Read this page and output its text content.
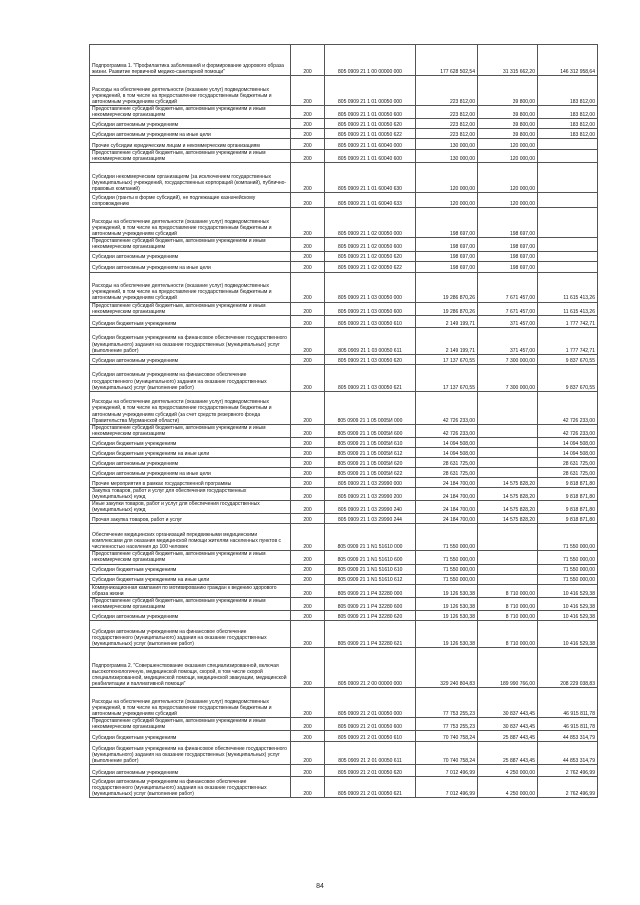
Подпрограмма 1. "Профилактика заболеваний и формирование здорового образа жизни. Развитие первичной медико-санитарной помощи"	200	805 0909 21 1 00 00000 000	177 628 502,54	31 315 662,20	146 312 958,64
Расходы на обеспечение деятельности (оказание услуг) подведомственных учреждений, в том числе на предоставление государственным бюджетным и автономным учреждениям субсидий	200	805 0909 21 1 01 00050 000	223 812,00	39 800,00	183 812,00
Предоставление субсидий бюджетным, автономным учреждениям и иным некоммерческим организациям	200	805 0909 21 1 01 00050 600	223 812,00	39 800,00	183 812,00
Субсидии автономным учреждениям	200	805 0909 21 1 01 00050 620	223 812,00	39 800,00	183 812,00
Субсидии автономным учреждениям на иные цели	200	805 0909 21 1 01 00050 622	223 812,00	39 800,00	183 812,00
Прочие субсидии юридическим лицам и некоммерческим организациям	200	805 0909 21 1 01 60040 000	130 000,00	120 000,00	
Предоставление субсидий бюджетным, автономным учреждениям и иным некоммерческим организациям	200	805 0909 21 1 01 60040 600	130 000,00	120 000,00	
Субсидии некоммерческим организациям (за исключением государственных (муниципальных) учреждений, государственных корпораций (компаний), публично-правовых компаний)	200	805 0909 21 1 01 60040 630	120 000,00	120 000,00	
Субсидии (гранты в форме субсидий), не подлежащие казначейскому сопровождению	200	805 0909 21 1 01 60040 633	120 000,00	120 000,00	
Расходы на обеспечение деятельности (оказание услуг) подведомственных учреждений, в том числе на предоставление государственным бюджетным и автономным учреждениям субсидий	200	805 0909 21 1 02 00050 000	198 697,00	198 697,00	
Предоставление субсидий бюджетным, автономным учреждениям и иным некоммерческим организациям	200	805 0909 21 1 02 00050 600	198 697,00	198 697,00	
Субсидии автономным учреждениям	200	805 0909 21 1 02 00050 620	198 697,00	198 697,00	
Субсидии автономным учреждениям на иные цели	200	805 0909 21 1 02 00050 622	198 697,00	198 697,00	
Расходы на обеспечение деятельности (оказание услуг) подведомственных учреждений, в том числе на предоставление государственным бюджетным и автономным учреждениям субсидий	200	805 0909 21 1 03 00050 000	19 286 870,26	7 671 457,00	11 615 413,26
Предоставление субсидий бюджетным, автономным учреждениям и иным некоммерческим организациям	200	805 0909 21 1 03 00050 600	19 286 870,26	7 671 457,00	11 615 413,26
Субсидии бюджетным учреждениям	200	805 0909 21 1 03 00050 610	2 149 199,71	371 457,00	1 777 742,71
Субсидии бюджетным учреждениям на финансовое обеспечение государственного (муниципального) задания на оказание государственных (муниципальных) услуг (выполнение работ)	200	805 0909 21 1 03 00050 611	2 149 199,71	371 457,00	1 777 742,71
Субсидии автономным учреждениям	200	805 0909 21 1 03 00050 620	17 137 670,55	7 300 000,00	9 837 670,55
Субсидии автономным учреждениям на финансовое обеспечение государственного (муниципального) задания на оказание государственных (муниципальных) услуг (выполнение работ)	200	805 0909 21 1 03 00050 621	17 137 670,55	7 300 000,00	9 837 670,55
Расходы на обеспечение деятельности (оказание услуг) подведомственных учреждений, в том числе на предоставление государственным бюджетным и автономным учреждениям субсидий (за счет средств резервного фонда Правительства Мурманской области)	200	805 0909 21 1 05 0005И 000	42 726 233,00		42 726 233,00
Предоставление субсидий бюджетным, автономным учреждениям и иным некоммерческим организациям	200	805 0909 21 1 05 0005И 600	42 726 233,00		42 726 233,00
Субсидии бюджетным учреждениям	200	805 0909 21 1 05 0005И 610	14 094 508,00		14 094 508,00
Субсидии бюджетным учреждениям на иные цели	200	805 0909 21 1 05 0005И 612	14 094 508,00		14 094 508,00
Субсидии автономным учреждениям	200	805 0909 21 1 05 0005И 620	28 631 725,00		28 631 725,00
Субсидии автономным учреждениям на иные цели	200	805 0909 21 1 05 0005И 622	28 631 725,00		28 631 725,00
Прочие мероприятия в рамках государственной программы	200	805 0909 21 1 03 29990 000	24 184 700,00	14 575 828,20	9 818 871,80
Закупка товаров, работ и услуг для обеспечения государственных (муниципальных) нужд	200	805 0909 21 1 03 29990 200	24 184 700,00	14 575 828,20	9 818 871,80
Иные закупки товаров, работ и услуг для обеспечения государственных (муниципальных) нужд	200	805 0909 21 1 03 29990 240	24 184 700,00	14 575 828,20	9 818 871,80
Прочая закупка товаров, работ и услуг	200	805 0909 21 1 03 29990 244	24 184 700,00	14 575 828,20	9 818 871,80
Обеспечение медицинских организаций передвижными медицинскими комплексами для оказания медицинской помощи жителям населенных пунктов с численностью населения до 100 человек	200	805 0909 21 1 N1 51610 000	71 550 000,00		71 550 000,00
Предоставление субсидий бюджетным, автономным учреждениям и иным некоммерческим организациям	200	805 0909 21 1 N1 51610 600	71 550 000,00		71 550 000,00
Субсидии бюджетным учреждениям	200	805 0909 21 1 N1 51610 610	71 550 000,00		71 550 000,00
Субсидии бюджетным учреждениям на иные цели	200	805 0909 21 1 N1 51610 612	71 550 000,00		71 550 000,00
Коммуникационная кампания по мотивированию граждан к ведению здорового образа жизни	200	805 0909 21 1 P4 32280 000	19 126 530,38	8 710 000,00	10 416 529,38
Предоставление субсидий бюджетным, автономным учреждениям и иным некоммерческим организациям	200	805 0909 21 1 P4 32280 600	19 126 530,38	8 710 000,00	10 416 529,38
Субсидии автономным учреждениям	200	805 0909 21 1 P4 32280 620	19 126 530,38	8 710 000,00	10 416 529,38
Субсидии автономным учреждениям на финансовое обеспечение государственного (муниципального) задания на оказание государственных (муниципальных) услуг (выполнение работ)	200	805 0909 21 1 P4 32280 621	19 126 530,38	8 710 000,00	10 416 529,38
Подпрограмма 2. "Совершенствование оказания специализированной, включая высокотехнологичную, медицинской помощи, скорой, в том числе скорой специализированной, медицинской помощи, медицинской эвакуации, медицинской реабилитации и паллиативной помощи"	200	805 0909 21 2 00 00000 000	329 240 804,83	189 990 766,00	208 229 038,83
Расходы на обеспечение деятельности (оказание услуг) подведомственных учреждений, в том числе на предоставление государственным бюджетным и автономным учреждениям субсидий	200	805 0909 21 2 01 00050 000	77 753 255,23	30 837 443,45	46 915 811,78
Предоставление субсидий бюджетным, автономным учреждениям и иным некоммерческим организациям	200	805 0909 21 2 01 00050 600	77 753 255,23	30 837 443,45	46 915 811,78
Субсидии бюджетным учреждениям	200	805 0909 21 2 01 00050 610	70 740 758,24	25 887 443,45	44 853 314,79
Субсидии бюджетным учреждениям на финансовое обеспечение государственного (муниципального) задания на оказание государственных (муниципальных) услуг (выполнение работ)	200	805 0909 21 2 01 00050 611	70 740 758,24	25 887 443,45	44 853 314,79
Субсидии автономным учреждениям	200	805 0909 21 2 01 00050 620	7 012 496,99	4 250 000,00	2 762 496,99
Субсидии автономным учреждениям на финансовое обеспечение государственного (муниципального) задания на оказание государственных (муниципальных) услуг (выполнение работ)	200	805 0909 21 2 01 00050 621	7 012 496,99	4 250 000,00	2 762 496,99
84
